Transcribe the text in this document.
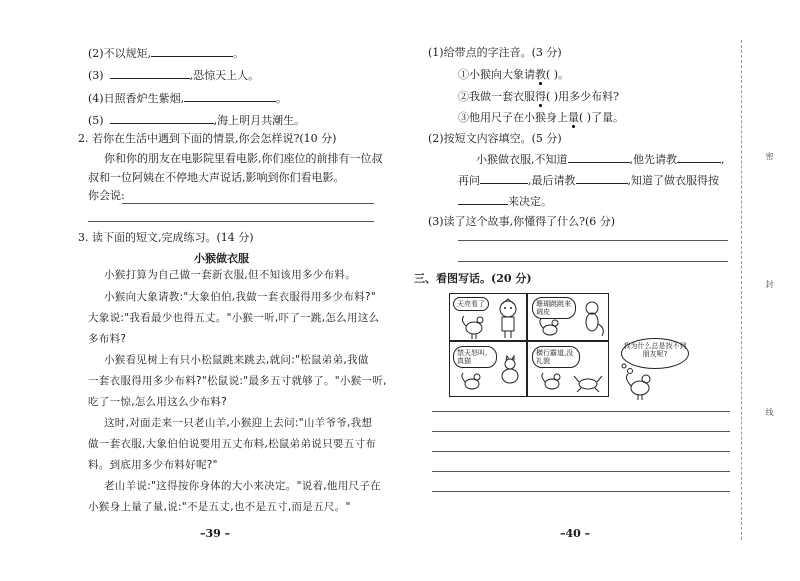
(2)不以规矩,	。
(3)	,恐惊天上人。
(4)日照香炉生紫烟,	。
(5)	,海上明月共潮生。
2. 若你在生活中遇到下面的情景,你会怎样说?(10 分)
你和你的朋友在电影院里看电影,你们座位的前排有一位叔
叔和一位阿姨在不停地大声说话,影响到你们看电影。
你会说:
3. 读下面的短文,完成练习。(14 分)
小猴做衣服
小猴打算为自己做一套新衣服,但不知该用多少布料。
小猴向大象请教:"大象伯伯,我做一套衣服得用多少布料?"
大象说:"我看最少也得五丈。"小猴一听,吓了一跳,怎么用这么
多布料?
小猴看见树上有只小松鼠跳来跳去,就问:"松鼠弟弟,我做
一套衣服得用多少布料?"松鼠说:"最多五寸就够了。"小猴一听,
吃了一惊,怎么用这么少布料?
这时,对面走来一只老山羊,小猴迎上去问:"山羊爷爷,我想
做一套衣服,大象伯伯说要用五丈布料,松鼠弟弟说只要五寸布
料。到底用多少布料好呢?"
老山羊说:"这得按你身体的大小来决定。"说着,他用尺子在
小猴身上量了量,说:"不是五丈,也不是五寸,而是五尺。"
–39 –
(1)给带点的字注音。(3 分)
①小猴向大象请教( )。
②我做一套衣服得( )用多少布料?
③他用尺子在小猴身上量( )了量。
(2)按短文内容填空。(5 分)
小猴做衣服,不知道	,他先请教	,
再问	,最后请教	,知道了做衣服得按
来决定。
(3)读了这个故事,你懂得了什么?(6 分)
三、看图写话。(20 分)
天亮看了	珊瑚跳跳来调皮
禁天怒叫,真猫
横行霸道,没礼貌
我为什么总是找不到朋友呢?
–40 –
密
封
线
